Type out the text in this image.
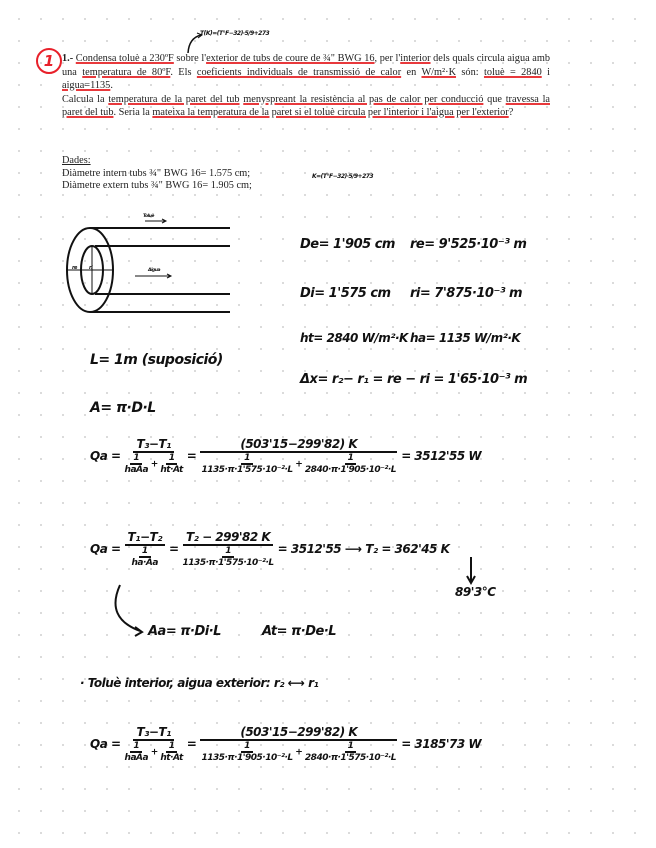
1
T(K)=(T°F−32)·5/9+273
1.- Condensa toluè a 230ºF sobre l'exterior de tubs de coure de ¾" BWG 16, per l'interior dels quals circula aigua amb una temperatura de 80ºF. Els coeficients individuals de transmissió de calor en W/m²·K són: toluè = 2840 i aigua=1135.
Calcula la temperatura de la paret del tub menyspreant la resistència al pas de calor per conducció que travessa la paret del tub. Seria la mateixa la temperatura de la paret si el toluè circula per l'interior i l'aigua per l'exterior?
Dades:
Diàmetre intern tubs ¾" BWG 16= 1.575 cm;
Diàmetre extern tubs ¾" BWG 16= 1.905 cm;
K=(T°F−32)·5/9+273
Toluè
Aigua
re ri
De= 1'905 cm re= 9'525·10⁻³ m
Di= 1'575 cm ri= 7'875·10⁻³ m
ht= 2840 W/m²·K ha= 1135 W/m²·K
Δx= r₂− r₁ = re − ri = 1'65·10⁻³ m
L= 1m (suposició)
A= π·D·L
$Qa = \frac{\text{T₃−T₁}}{\frac{1}{\text{haAa}} + \frac{1}{ht\cdot At}} = \frac{(503'15-299'82) K}{\frac{1}{\text{1135·π·1'575·10⁻²·L}} + \frac{1}{\text{2840·π·1'905·10⁻²·L}}} = 3512'55$ W
$Qa = \frac{\text{T₁−T₂}}{\frac{1}{ha\cdot Aa}} = \frac{\text{T₂ − 299'82 K}}{\frac{1}{\text{1135·π·1'575·10⁻²·L}}} = 3512'55$ ⟶ T₂ = 362'45 K
89'3°C
Aa= π·Di·L	At= π·De·L
· Toluè interior, aigua exterior: r₂ ⟷ r₁
$Qa = \frac{\text{T₃−T₁}}{\frac{1}{\text{haAa}} + \frac{1}{ht\cdot At}} = \frac{(503'15-299'82) K}{\frac{1}{\text{1135·π·1'905·10⁻²·L}} + \frac{1}{\text{2840·π·1'575·10⁻²·L}}} = 3185'73$ W
